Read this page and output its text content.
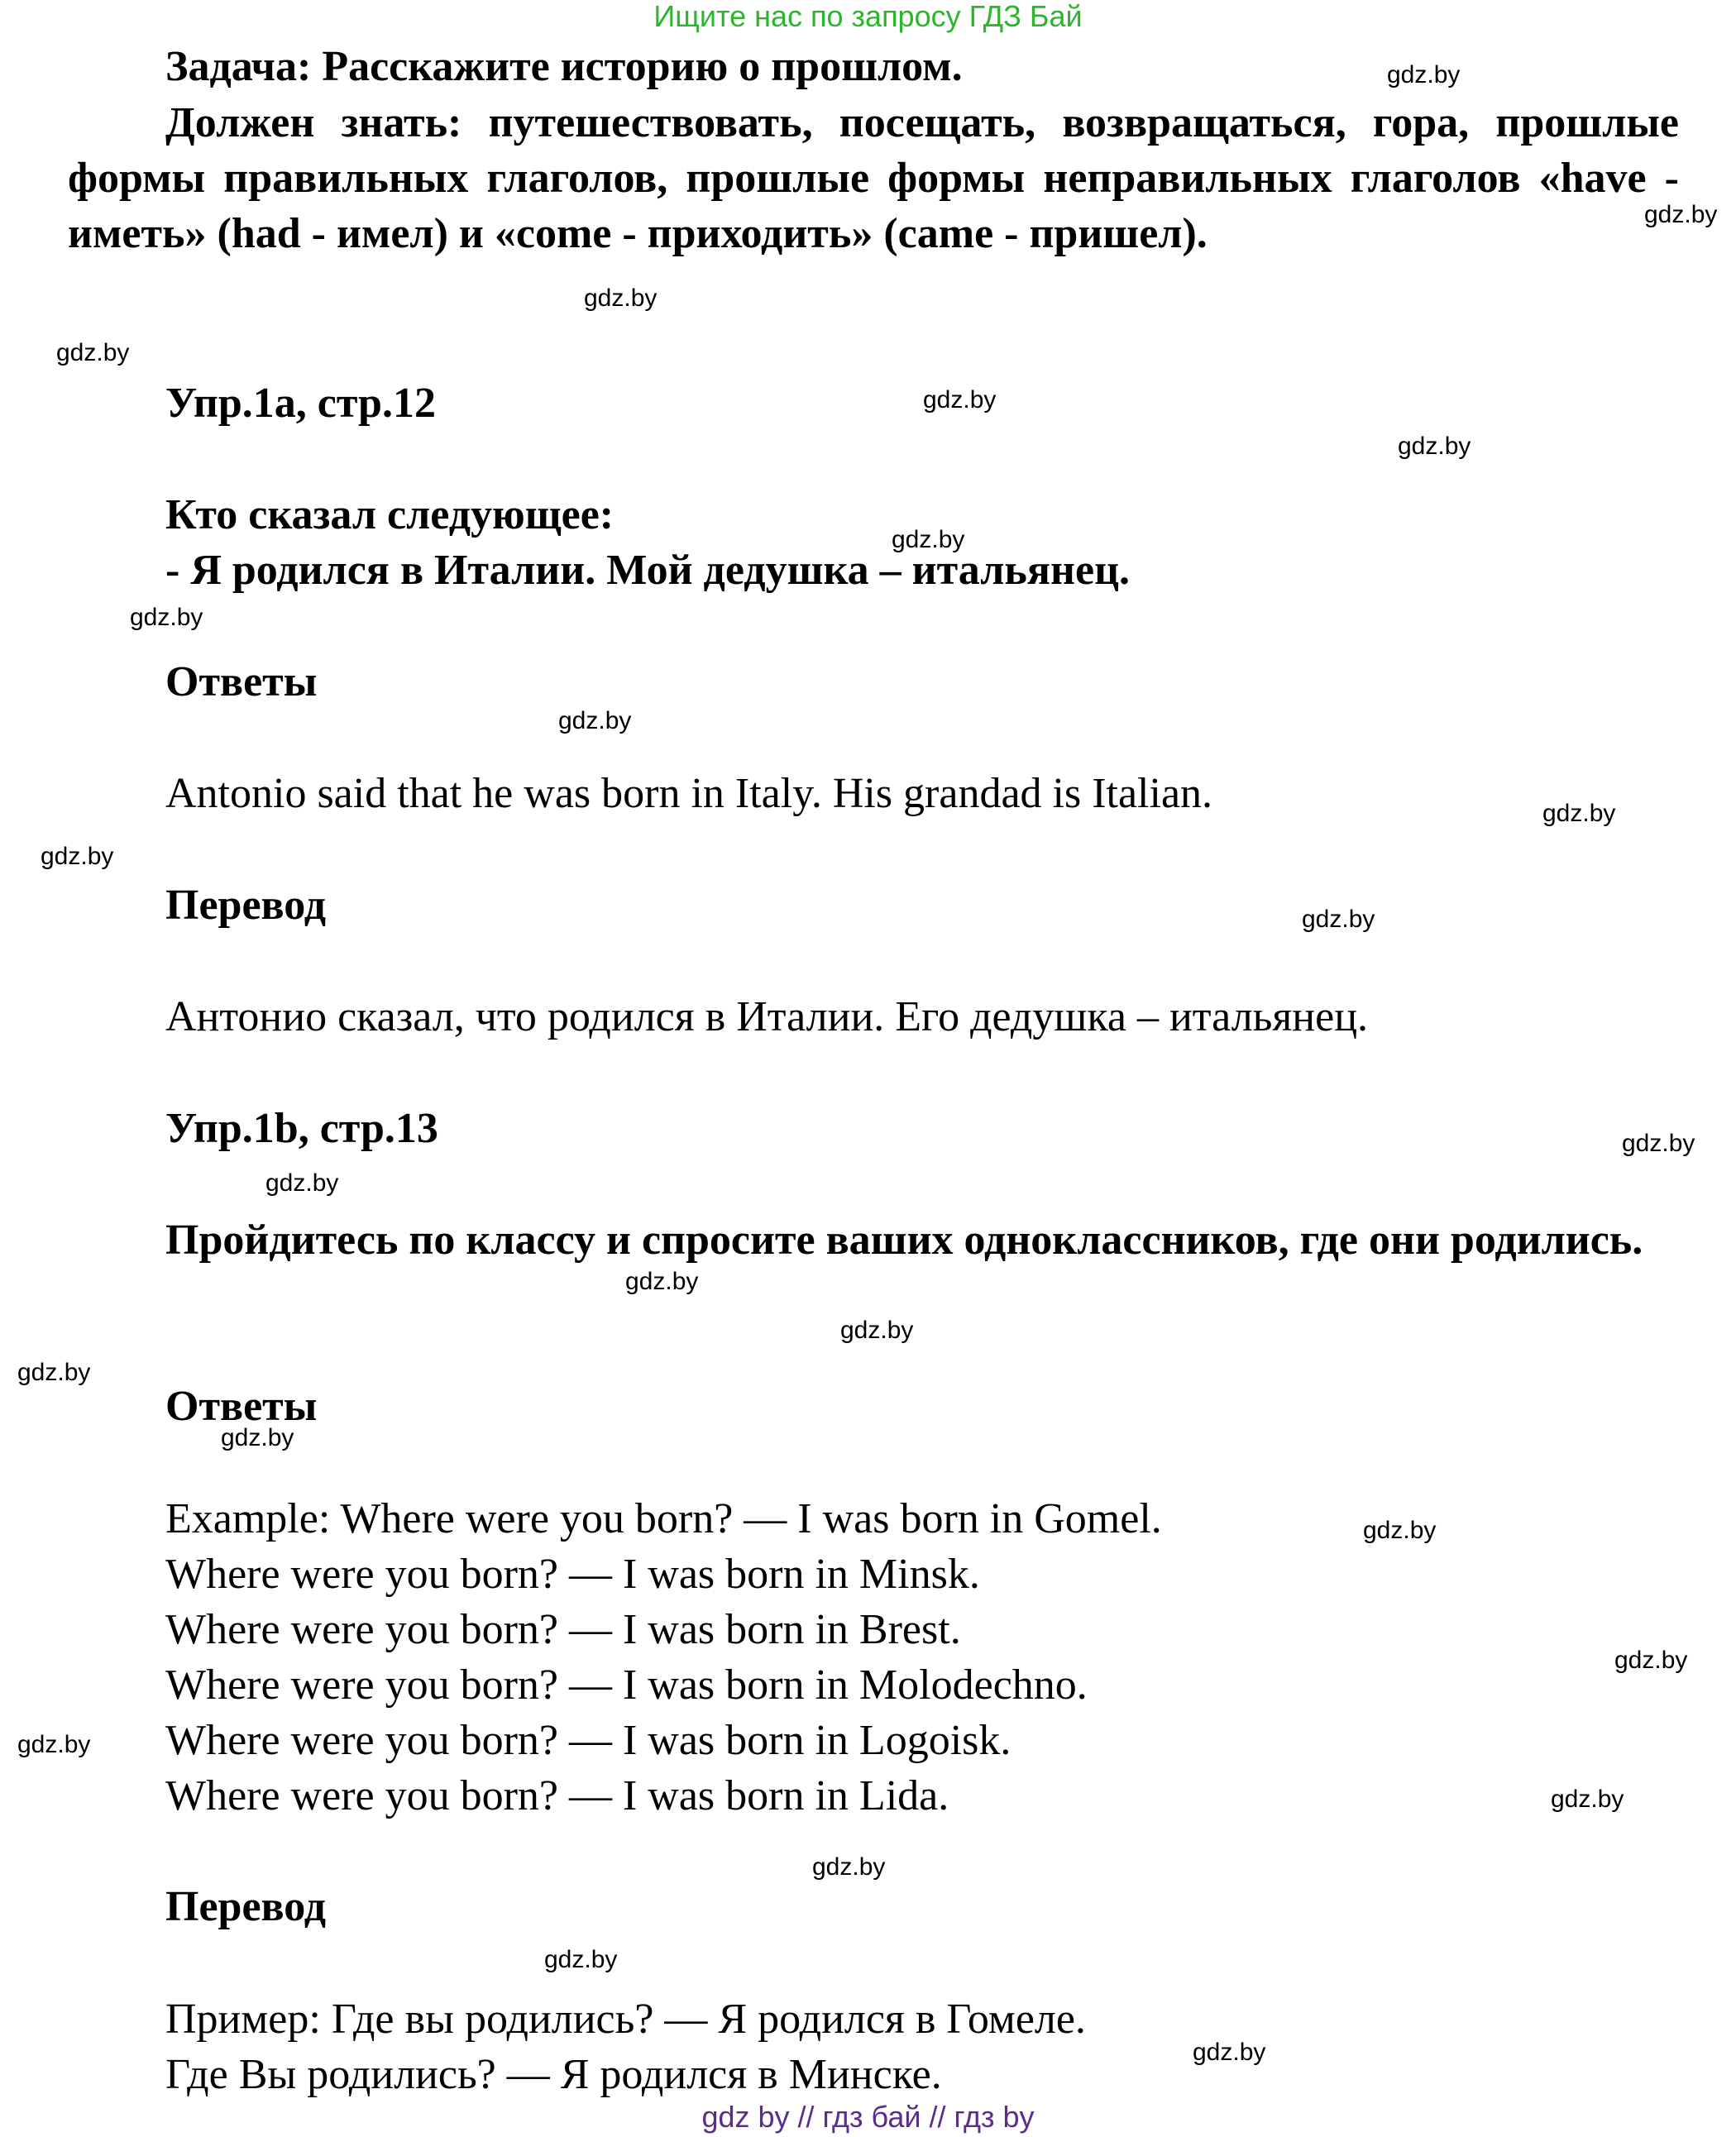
Ищите нас по запросу ГДЗ Бай
Задача: Расскажите историю о прошлом.
Должен знать: путешествовать, посещать, возвращаться, гора, прошлые формы правильных глаголов, прошлые формы неправильных глаголов «have - иметь» (had - имел) и «come - приходить» (came - пришел).
Упр.1a, стр.12
Кто сказал следующее:
- Я родился в Италии. Мой дедушка – итальянец.
Ответы
Antonio said that he was born in Italy. His grandad is Italian.
Перевод
Антонио сказал, что родился в Италии. Его дедушка – итальянец.
Упр.1b, стр.13
Пройдитесь по классу и спросите ваших одноклассников, где они родились.
Ответы
Example: Where were you born? — I was born in Gomel.
Where were you born? — I was born in Minsk.
Where were you born? — I was born in Brest.
Where were you born? — I was born in Molodechno.
Where were you born? — I was born in Logoisk.
Where were you born? — I was born in Lida.
Перевод
Пример: Где вы родились? — Я родился в Гомеле.
Где Вы родились? — Я родился в Минске.
gdz.by
gdz.by
gdz.by
gdz.by
gdz.by
gdz.by
gdz.by
gdz.by
gdz.by
gdz.by
gdz.by
gdz.by
gdz.by
gdz.by
gdz.by
gdz.by
gdz.by
gdz.by
gdz.by
gdz.by
gdz.by
gdz.by
gdz.by
gdz.by
gdz.by
gdz by // гдз бай // гдз by
